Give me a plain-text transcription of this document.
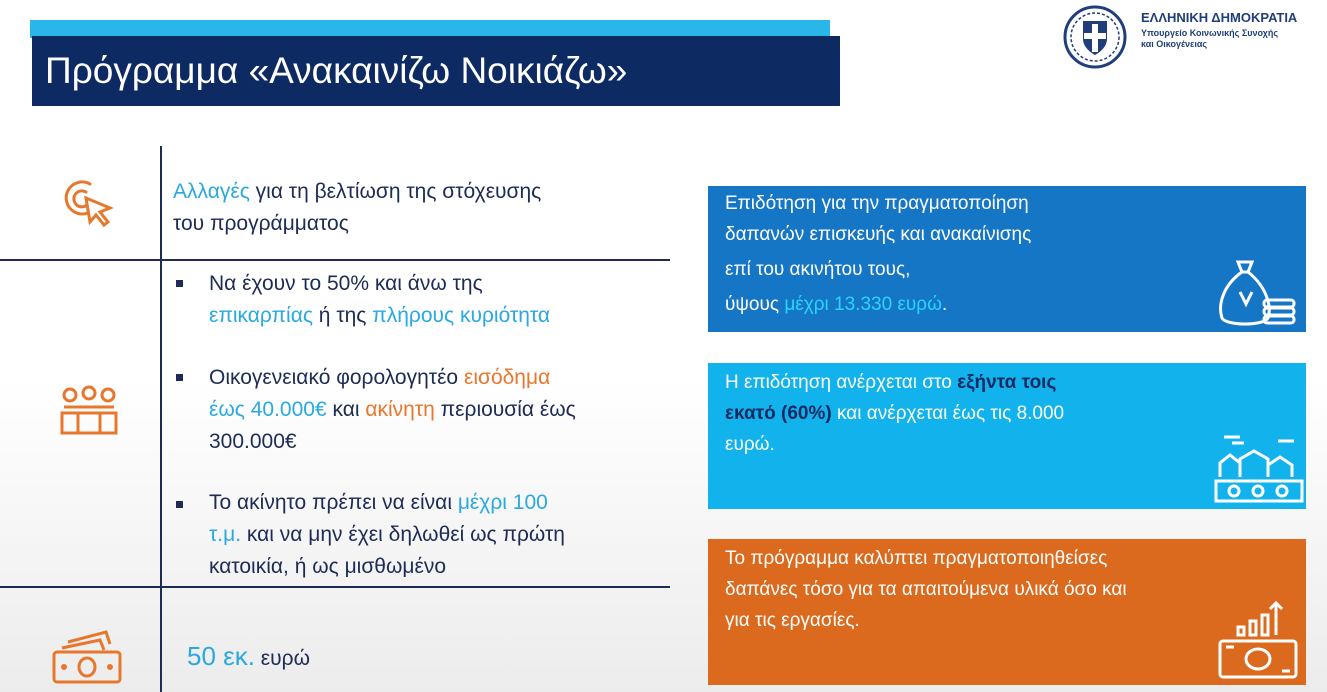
Πρόγραμμα «Ανακαινίζω Νοικιάζω»
ΕΛΛΗΝΙΚΗ ΔΗΜΟΚΡΑΤΙΑ
Υπουργείο Κοινωνικής Συνοχής
και Οικογένειας
Αλλαγές για τη βελτίωση της στόχευσης
του προγράμματος
Να έχουν το 50% και άνω της
επικαρπίας ή της πλήρους κυριότητα
Οικογενειακό φορολογητέο εισόδημα
έως 40.000€ και ακίνητη περιουσία έως
300.000€
Το ακίνητο πρέπει να είναι μέχρι 100
τ.μ. και να μην έχει δηλωθεί ως πρώτη
κατοικία, ή ως μισθωμένο
50 εκ. ευρώ
Επιδότηση για την πραγματοποίηση
δαπανών επισκευής και ανακαίνισης
επί του ακινήτου τους,
ύψους μέχρι 13.330 ευρώ.
Η επιδότηση ανέρχεται στο εξήντα τοις
εκατό (60%) και ανέρχεται έως τις 8.000
ευρώ.
Το πρόγραμμα καλύπτει πραγματοποιηθείσες
δαπάνες τόσο για τα απαιτούμενα υλικά όσο και
για τις εργασίες.
